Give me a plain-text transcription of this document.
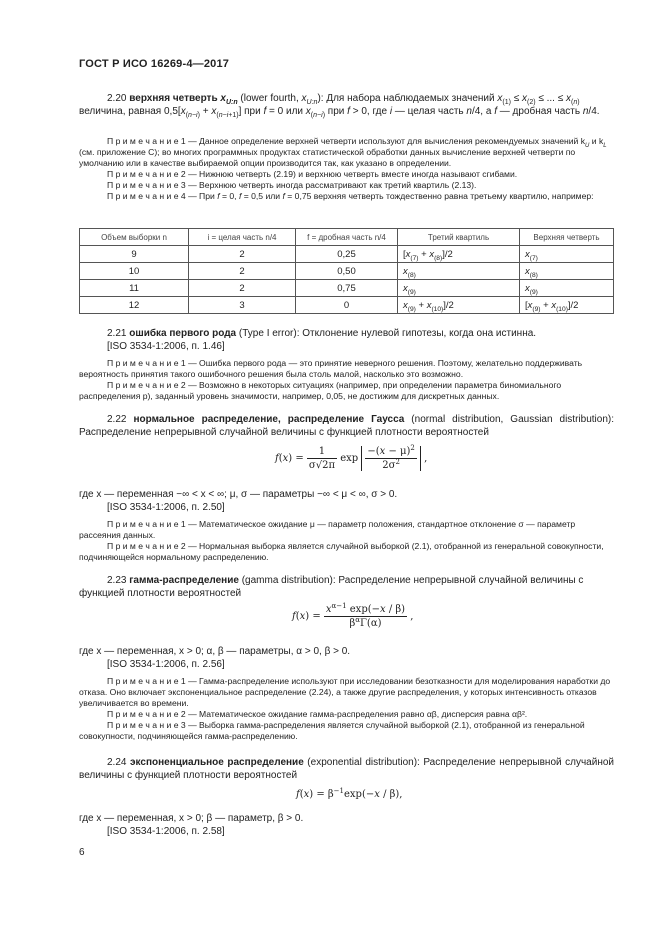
ГОСТ Р ИСО 16269-4—2017

2.20 верхняя четверть $x_{U:n}$ (lower fourth, $x_{U:n}$): Для набора наблюдаемых значений $x_{(1)} \le x_{(2)}$ ≤ ... ≤ $x_{(n)}$ величина, равная $0,5[x_{(n-i)} + x_{(n-i+1)}]$ при f = 0 или $x_{(n-i)}$ при f > 0, где i — целая часть n/4, а f — дробная часть n/4.

П р и м е ч а н и е 1 — Данное определение верхней четверти используют для вычисления рекомендуемых значений $k_U$ и $k_L$ (см. приложение С); во многих программных продуктах статистической обработки данных вычисление верхней четверти по умолчанию или в качестве выбираемой опции производится так, как указано в определении.

П р и м е ч а н и е 2 — Нижнюю четверть (2.19) и верхнюю четверть вместе иногда называют сгибами.

П р и м е ч а н и е 3 — Верхнюю четверть иногда рассматривают как третий квартиль (2.13).

П р и м е ч а н и е 4 — При f = 0, f = 0,5 или f = 0,75 верхняя четверть тождественно равна третьему квартилю, например:

Объем выборки n	i = целая часть n/4	f = дробная часть n/4	Третий квартиль	Верхняя четверть
9	2	0,25	$[x_{(7)} + x_{(8)}]/2$	$x_{(7)}$
10	2	0,50	$x_{(8)}$	$x_{(8)}$
11	2	0,75	$x_{(9)}$	$x_{(9)}$
12	3	0	$x_{(9)} + x_{(10)}]/2$	$[x_{(9)} + x_{(10)}]/2$

2.21 ошибка первого рода (Type I error): Отклонение нулевой гипотезы, когда она истинна.

[ISO 3534-1:2006, п. 1.46]

П р и м е ч а н и е 1 — Ошибка первого рода — это принятие неверного решения. Поэтому, желательно поддерживать вероятность принятия такого ошибочного решения была столь малой, насколько это возможно.

П р и м е ч а н и е 2 — Возможно в некоторых ситуациях (например, при определении параметра биномиального распределения p), заданный уровень значимости, например, 0,05, не достижим для дискретных данных.

2.22 нормальное распределение, распределение Гаусса (normal distribution, Gaussian distribution): Распределение непрерывной случайной величины с функцией плотности вероятностей

$f(x) = \frac{1}{\sigma√2\pi}$ $\exp \frac{-(x - \mu)^2}{2\sigma^2}$ ,

где x — переменная −∞ < x < ∞; μ, σ — параметры −∞ < μ < ∞, σ > 0.

[ISO 3534-1:2006, п. 2.50]

П р и м е ч а н и е 1 — Математическое ожидание μ — параметр положения, стандартное отклонение σ — параметр рассеяния данных.

П р и м е ч а н и е 2 — Нормальная выборка является случайной выборкой (2.1), отобранной из генеральной совокупности, подчиняющейся нормальному распределению.

2.23 гамма-распределение (gamma distribution): Распределение непрерывной случайной величины с функцией плотности вероятностей

$f(x) = \frac{x^{\alpha-1} \exp(-x / \beta)}{\beta^\alpha\Gamma(\alpha)}$ ,

где x — переменная, x > 0; α, β — параметры, α > 0, β > 0.

[ISO 3534-1:2006, п. 2.56]

П р и м е ч а н и е 1 — Гамма-распределение используют при исследовании безотказности для моделирования наработки до отказа. Оно включает экспоненциальное распределение (2.24), а также другие распределения, у которых интенсивность отказов увеличивается во времени.

П р и м е ч а н и е 2 — Математическое ожидание гамма-распределения равно αβ, дисперсия равна αβ².

П р и м е ч а н и е 3 — Выборка гамма-распределения является случайной выборкой (2.1), отобранной из генеральной совокупности, подчиняющейся гамма-распределению.

2.24 экспоненциальное распределение (exponential distribution): Распределение непрерывной случайной величины с функцией плотности вероятностей

$f(x) = \beta^{-1}\exp(-x / \beta)$,

где x — переменная, x > 0; β — параметр, β > 0.

[ISO 3534-1:2006, п. 2.58]

6
